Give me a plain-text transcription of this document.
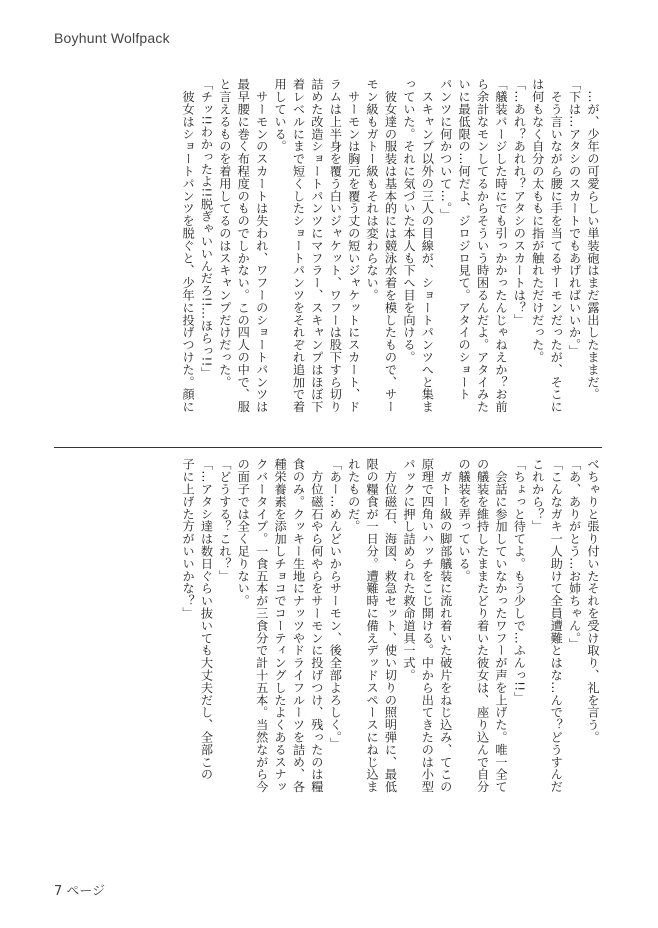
Boyhunt Wolfpack
　…が、少年の可愛らしい単装砲はまだ露出したままだ。
「下は…アタシのスカートでもあげればいいか。」
　そう言いながら腰に手を当てるサーモンだったが、そこに
は何もなく自分の太ももに指が触れただけだった。
「…あれ？あれれ？アタシのスカートは？」
「艤装パージした時にでも引っかかったんじゃねえか？お前
ら余計なモンしてるからそういう時困るんだよ。アタイみた
いに最低限の…何だよ、ジロジロ見て。アタイのショート
パンツに何かついて…。」
　スキャンプ以外の三人の目線が、ショートパンツへと集ま
っていた。それに気づいた本人も下へ目を向ける。
　彼女達の服装は基本的には競泳水着を模したもので、サー
モン級もガトー級もそれは変わらない。
　サーモンは胸元を覆う丈の短いジャケットにスカート、ド
ラムは上半身を覆う白いジャケット、ワフーは股下すら切り
詰めた改造ショートパンツにマフラー、スキャンプはほぼ下
着レベルにまで短くしたショートパンツをそれぞれ追加で着
用している。
　サーモンのスカートは失われ、ワフーのショートパンツは
最早腰に巻く布程度のものでしかない。この四人の中で、服
と言えるものを着用してるのはスキャンプだけだった。
「チッ!!わかったよ!!脱ぎゃいいんだろ!!…ほらっ!!」
　彼女はショートパンツを脱ぐと、少年に投げつけた。顔に
べちゃりと張り付いたそれを受け取り、礼を言う。
「あ、ありがとう…お姉ちゃん。」
「こんなガキ一人助けて全員遭難とはな…んで？どうすんだ
これから？」
「ちょっと待てよ。もう少しで…ふんっ!!」
　会話に参加していなかったワフーが声を上げた。唯一全て
の艤装を維持したままたどり着いた彼女は、座り込んで自分
の艤装を弄っている。
　ガトー級の脚部艤装に流れ着いた破片をねじ込み、てこの
原理で四角いハッチをこじ開ける。中から出てきたのは小型
パックに押し詰められた救命道具一式。
　方位磁石、海図、救急セット、使い切りの照明弾に、最低
限の糧食が一日分。遭難時に備えデッドスペースにねじ込ま
れたものだ。
「あー…めんどいからサーモン、後全部よろしく。」
　方位磁石やら何やらをサーモンに投げつけ、残ったのは糧
食のみ。クッキー生地にナッツやドライフルーツを詰め、各
種栄養素を添加しチョコでコーティングしたよくあるスナッ
クバータイプ。一食五本が三食分で計十五本。当然ながら今
の面子では全く足りない。
「どうする？これ？」
「…アタシ達は数日ぐらい抜いても大丈夫だし、全部この
子に上げた方がいいかな？」
7 ページ
